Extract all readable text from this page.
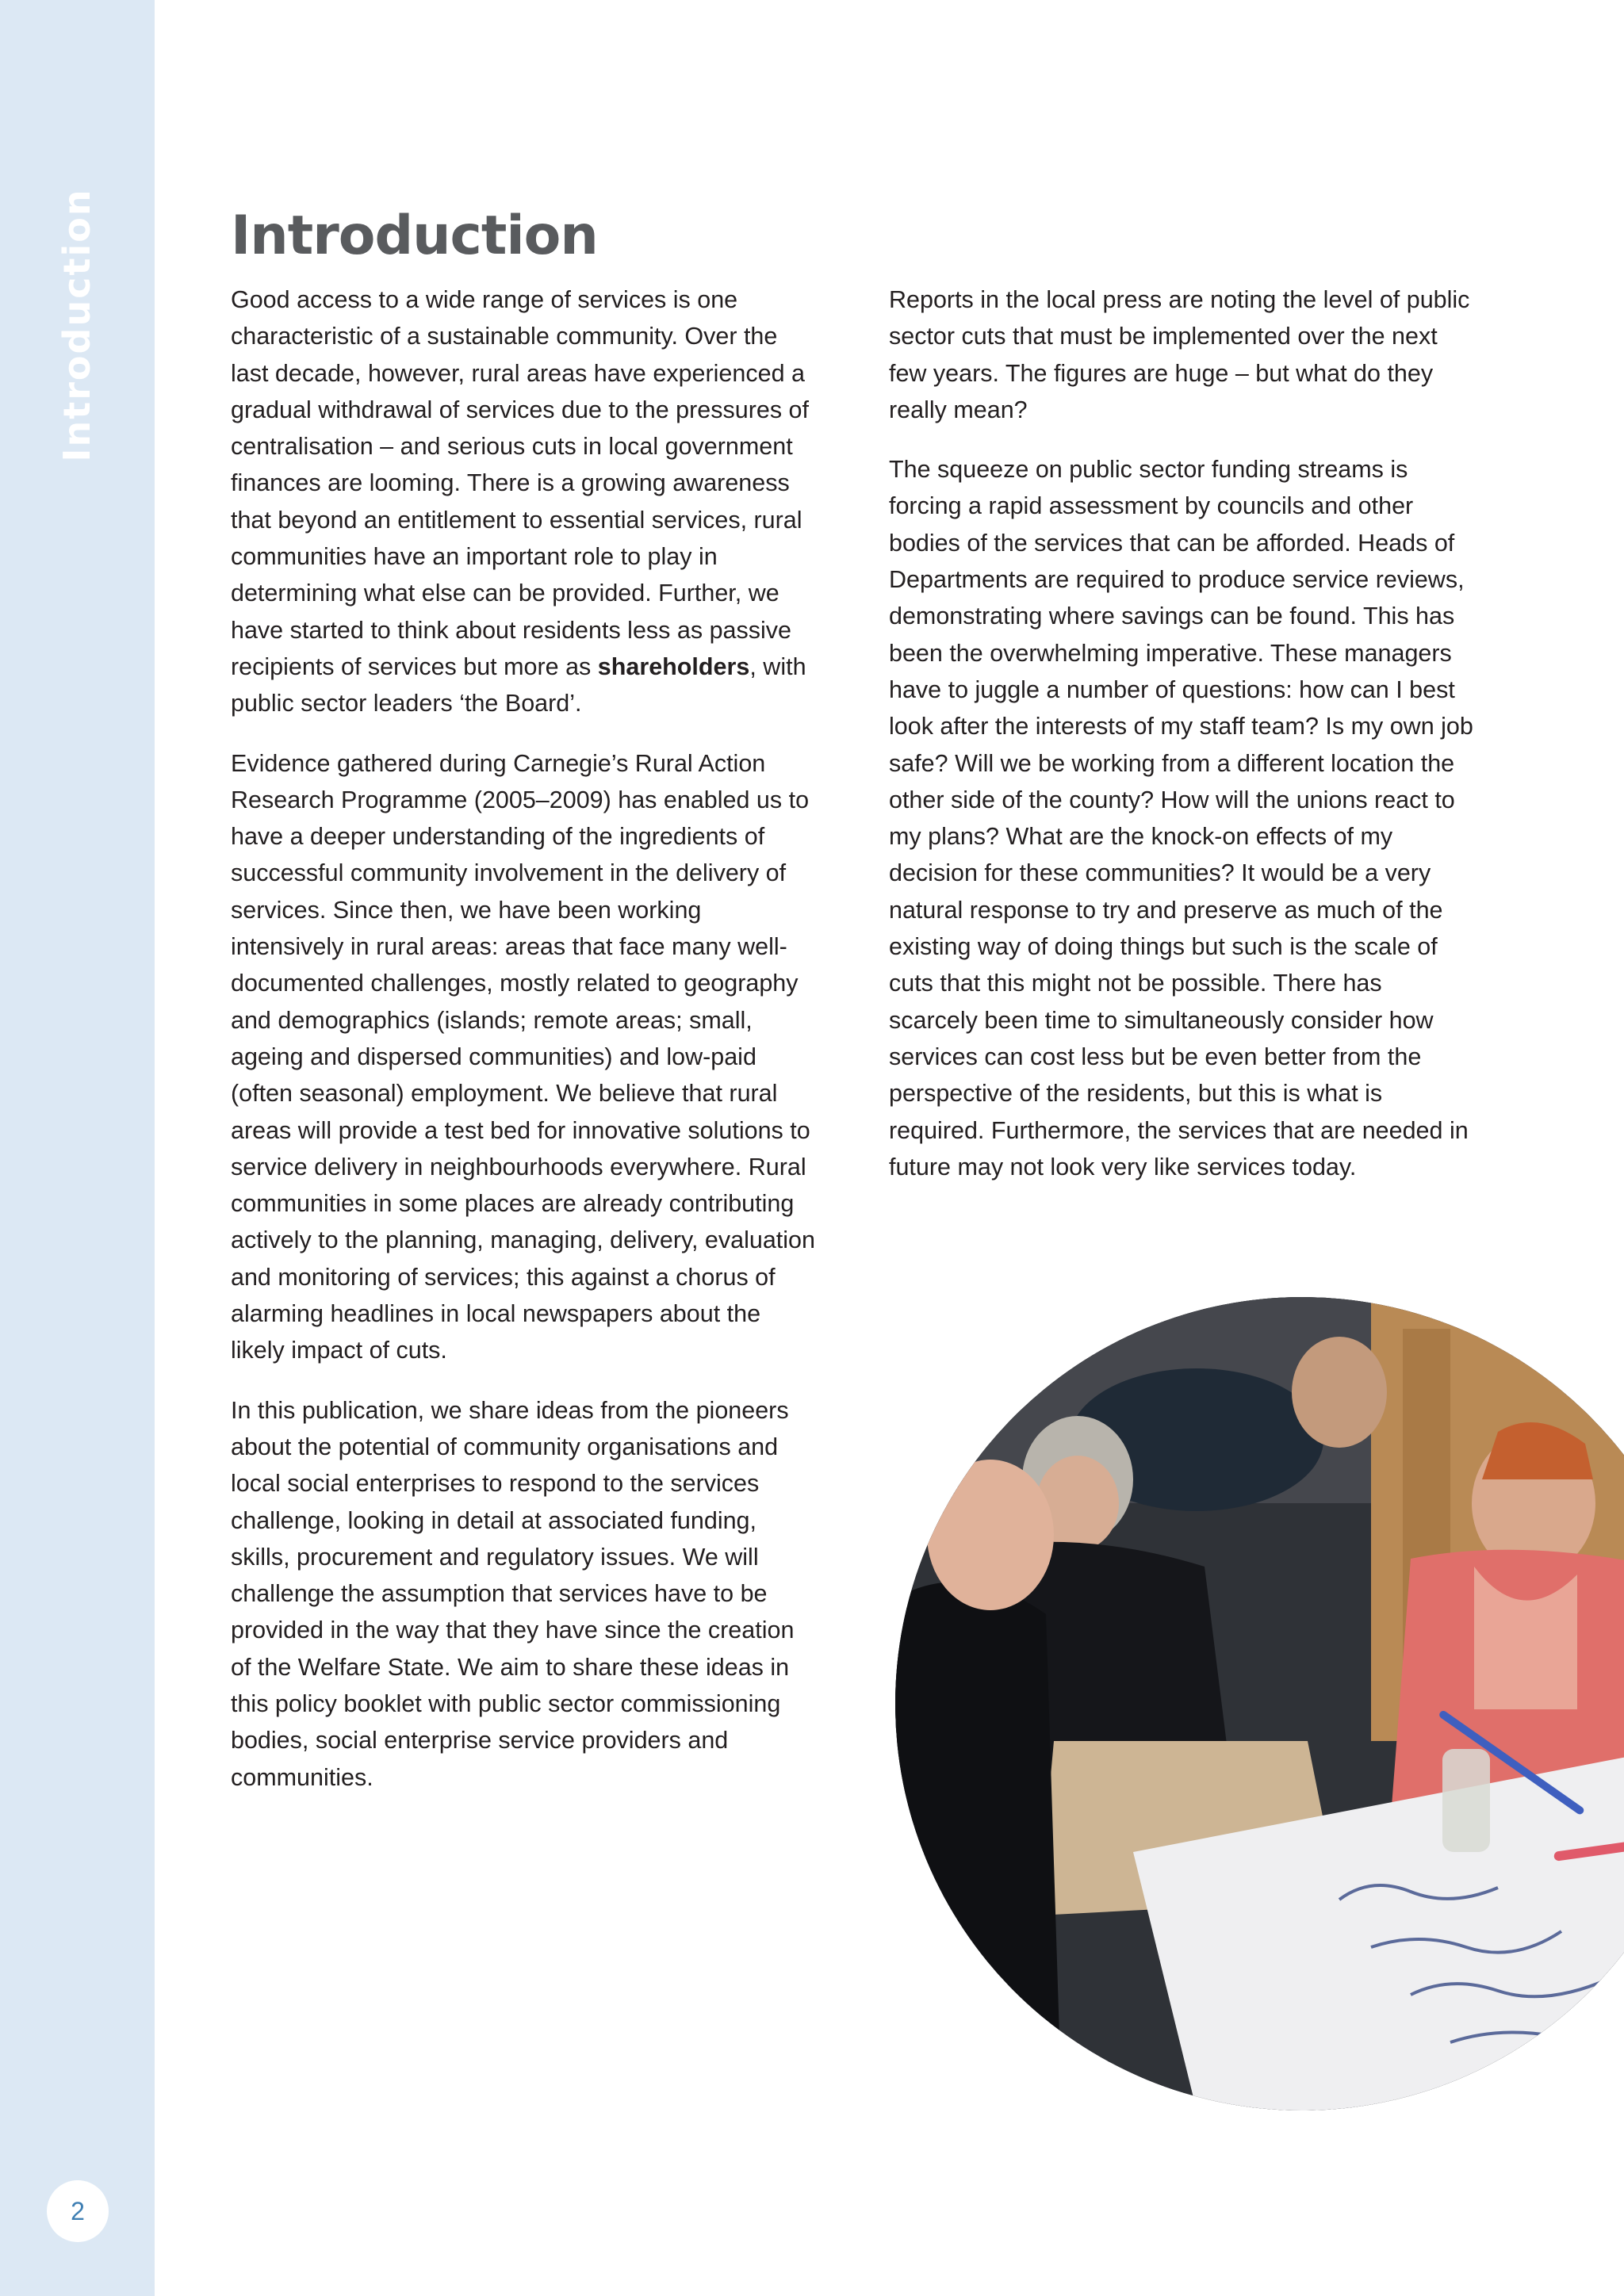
Introduction
2
Introduction

Good access to a wide range of services is one characteristic of a sustainable community. Over the last decade, however, rural areas have experienced a gradual withdrawal of services due to the pressures of centralisation – and serious cuts in local government finances are looming. There is a growing awareness that beyond an entitlement to essential services, rural communities have an important role to play in determining what else can be provided. Further, we have started to think about residents less as passive recipients of services but more as shareholders, with public sector leaders ‘the Board’.

Evidence gathered during Carnegie’s Rural Action Research Programme (2005–2009) has enabled us to have a deeper understanding of the ingredients of successful community involvement in the delivery of services. Since then, we have been working intensively in rural areas: areas that face many well-documented challenges, mostly related to geography and demographics (islands; remote areas; small, ageing and dispersed communities) and low-paid (often seasonal) employment. We believe that rural areas will provide a test bed for innovative solutions to service delivery in neighbourhoods everywhere. Rural communities in some places are already contributing actively to the planning, managing, delivery, evaluation and monitoring of services; this against a chorus of alarming headlines in local newspapers about the likely impact of cuts.

In this publication, we share ideas from the pioneers about the potential of community organisations and local social enterprises to respond to the services challenge, looking in detail at associated funding, skills, procurement and regulatory issues. We will challenge the assumption that services have to be provided in the way that they have since the creation of the Welfare State. We aim to share these ideas in this policy booklet with public sector commissioning bodies, social enterprise service providers and communities.

Reports in the local press are noting the level of public sector cuts that must be implemented over the next few years. The figures are huge – but what do they really mean?

The squeeze on public sector funding streams is forcing a rapid assessment by councils and other bodies of the services that can be afforded. Heads of Departments are required to produce service reviews, demonstrating where savings can be found. This has been the overwhelming imperative. These managers have to juggle a number of questions: how can I best look after the interests of my staff team? Is my own job safe? Will we be working from a different location the other side of the county? How will the unions react to my plans? What are the knock-on effects of my decision for these communities? It would be a very natural response to try and preserve as much of the existing way of doing things but such is the scale of cuts that this might not be possible. There has scarcely been time to simultaneously consider how services can cost less but be even better from the perspective of the residents, but this is what is required. Furthermore, the services that are needed in future may not look very like services today.
